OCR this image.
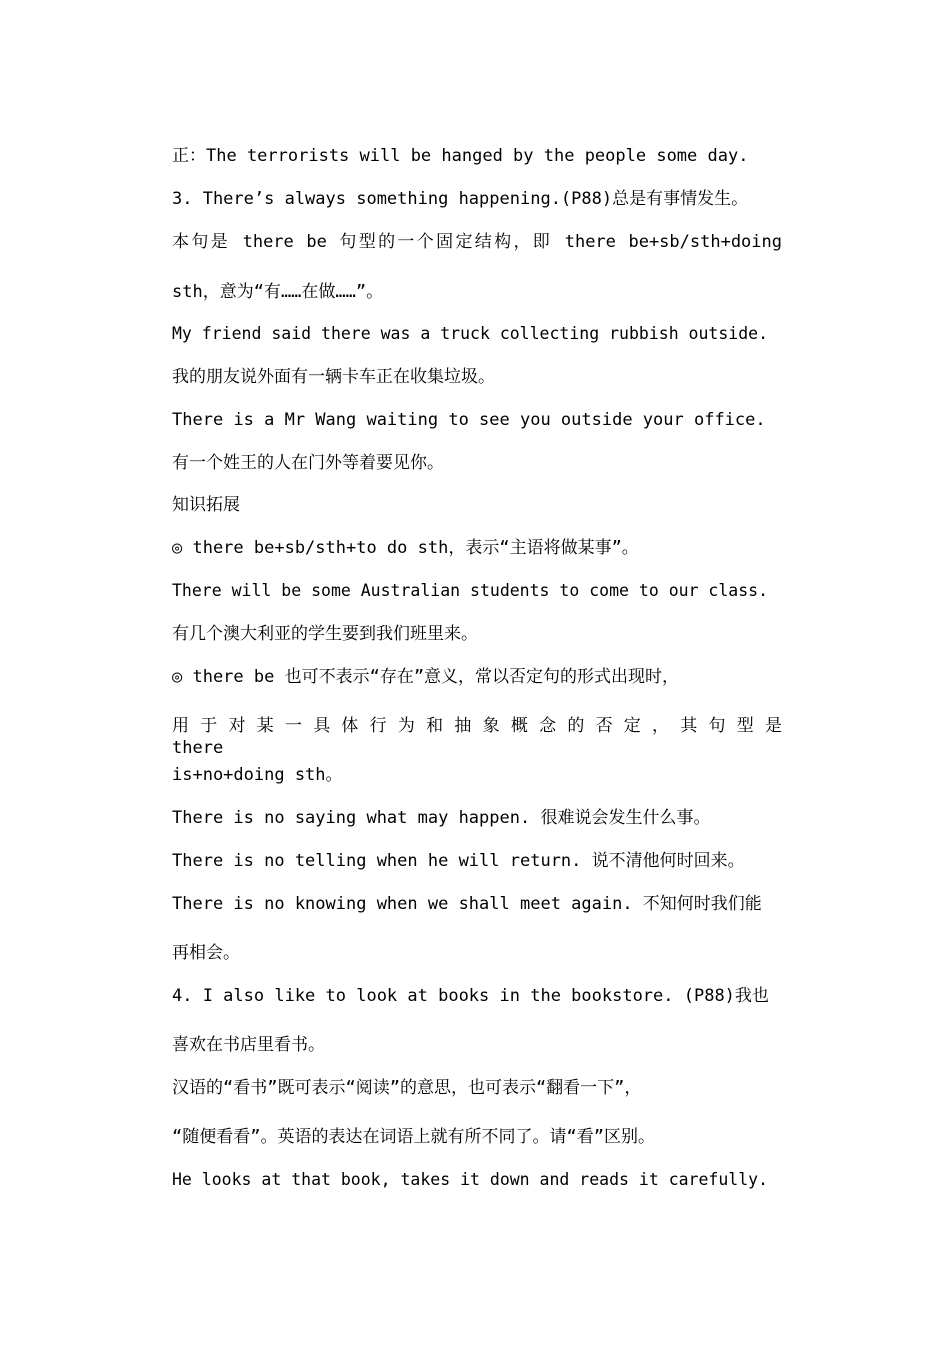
正：The terrorists will be hanged by the people some day.
3. There’s always something happening.(P88)总是有事情发生。
本句是 there be 句型的一个固定结构，即 there be+sb/sth+doing
sth，意为“有……在做……”。
My friend said there was a truck collecting rubbish outside.
我的朋友说外面有一辆卡车正在收集垃圾。
There is a Mr Wang waiting to see you outside your office.
有一个姓王的人在门外等着要见你。
知识拓展
◎ there be+sb/sth+to do sth，表示“主语将做某事”。
There will be some Australian students to come to our class.
有几个澳大利亚的学生要到我们班里来。
◎ there be 也可不表示“存在”意义，常以否定句的形式出现时，
用 于 对 某 一 具 体 行 为 和 抽 象 概 念 的 否 定 ， 其 句 型 是 there
is+no+doing sth。
There is no saying what may happen. 很难说会发生什么事。
There is no telling when he will return. 说不清他何时回来。
There is no knowing when we shall meet again. 不知何时我们能
再相会。
4. I also like to look at books in the bookstore. (P88)我也
喜欢在书店里看书。
汉语的“看书”既可表示“阅读”的意思，也可表示“翻看一下”，
“随便看看”。英语的表达在词语上就有所不同了。请“看”区别。
He looks at that book, takes it down and reads it carefully.
